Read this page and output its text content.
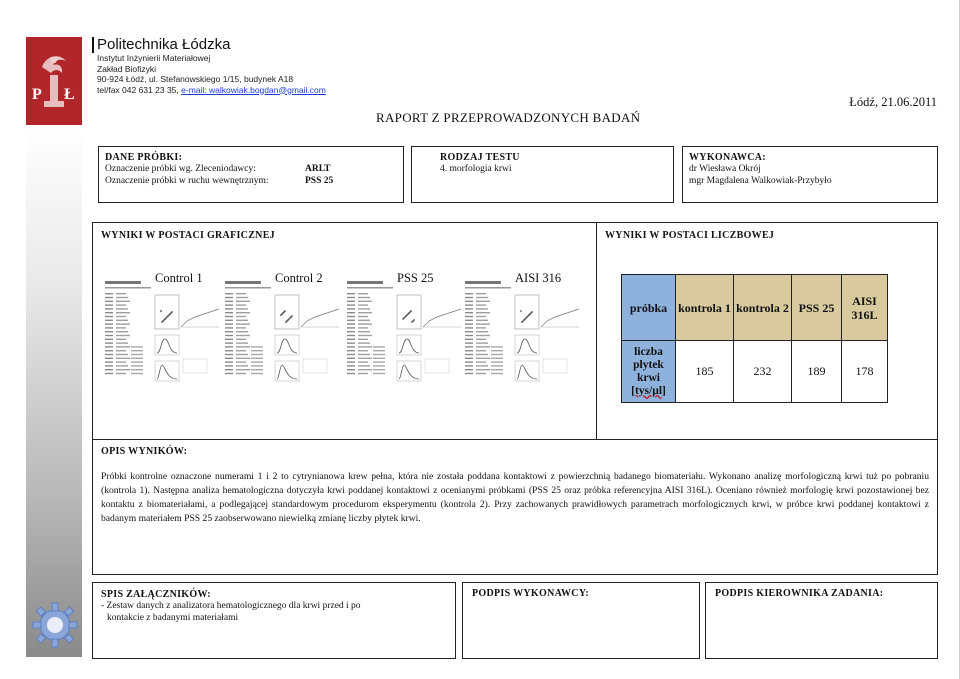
P Ł
Politechnika Łódzka
Instytut Inżynierii Materiałowej
Zakład Biofizyki
90-924 Łódź, ul. Stefanowskiego 1/15, budynek A18
tel/fax 042 631 23 35, e-mail: walkowiak.bogdan@gmail.com
Łódź, 21.06.2011
RAPORT Z PRZEPROWADZONYCH BADAŃ
DANE PRÓBKI:
Oznaczenie próbki wg. Zleceniodawcy:	ARLT
Oznaczenie próbki w ruchu wewnętrznym:	PSS 25
RODZAJ TESTU
4. morfologia krwi
WYKONAWCA:
dr Wiesława Okrój
mgr Magdalena Walkowiak-Przybyło
WYNIKI W POSTACI GRAFICZNEJ
Control 1	Control 2	PSS 25	AISI 316
WYNIKI W POSTACI LICZBOWEJ
próbka	kontrola 1	kontrola 2	PSS 25	AISI 316L

liczba
płytek
krwi
[tys/µl]	185	232	189	178
OPIS WYNIKÓW:
Próbki kontrolne oznaczone numerami 1 i 2 to cytrynianowa krew pełna, która nie została poddana kontaktowi z powierzchnią badanego biomateriału. Wykonano analizę morfologiczną krwi tuż po pobraniu (kontrola 1). Następna analiza hematologiczna dotyczyła krwi poddanej kontaktowi z ocenianymi próbkami (PSS 25 oraz próbka referencyjna AISI 316L). Oceniano również morfologię krwi pozostawionej bez kontaktu z biomateriałami, a podlegającej standardowym procedurom eksperymentu (kontrola 2). Przy zachowanych prawidłowych parametrach morfologicznych krwi, w próbce krwi poddanej kontaktowi z badanym materiałem PSS 25 zaobserwowano niewielką zmianę liczby płytek krwi.
SPIS ZAŁĄCZNIKÓW:
- Zestaw danych z analizatora hematologicznego dla krwi przed i po
kontakcie z badanymi materiałami
PODPIS WYKONAWCY:	PODPIS KIEROWNIKA ZADANIA:
